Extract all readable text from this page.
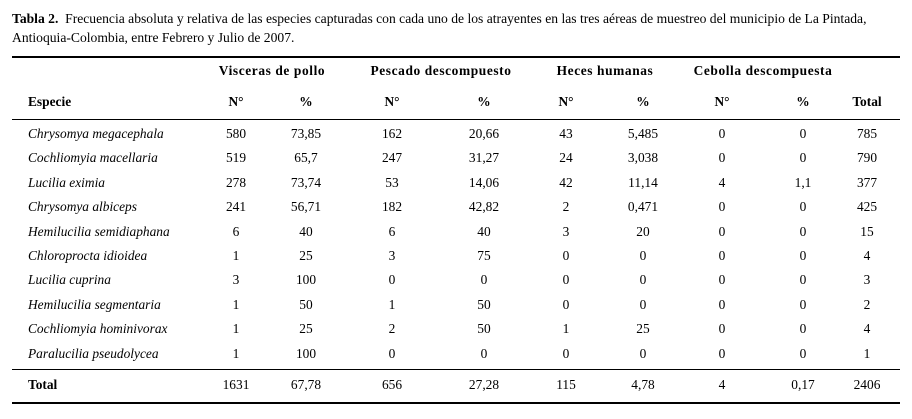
Tabla 2. Frecuencia absoluta y relativa de las especies capturadas con cada uno de los atrayentes en las tres aéreas de muestreo del municipio de La Pintada, Antioquia-Colombia, entre Febrero y Julio de 2007.
Visceras de pollo	Pescado descompuesto	Heces humanas	Cebolla descompuesta
Especie	N°	%	N°	%	N°	%	N°	%	Total
Chrysomya megacephala	580	73,85	162	20,66	43	5,485	0	0	785
Cochliomyia macellaria	519	65,7	247	31,27	24	3,038	0	0	790
Lucilia eximia	278	73,74	53	14,06	42	11,14	4	1,1	377
Chrysomya albiceps	241	56,71	182	42,82	2	0,471	0	0	425
Hemilucilia semidiaphana	6	40	6	40	3	20	0	0	15
Chloroprocta idioidea	1	25	3	75	0	0	0	0	4
Lucilia cuprina	3	100	0	0	0	0	0	0	3
Hemilucilia segmentaria	1	50	1	50	0	0	0	0	2
Cochliomyia hominivorax	1	25	2	50	1	25	0	0	4
Paralucilia pseudolycea	1	100	0	0	0	0	0	0	1
Total	1631	67,78	656	27,28	115	4,78	4	0,17	2406
